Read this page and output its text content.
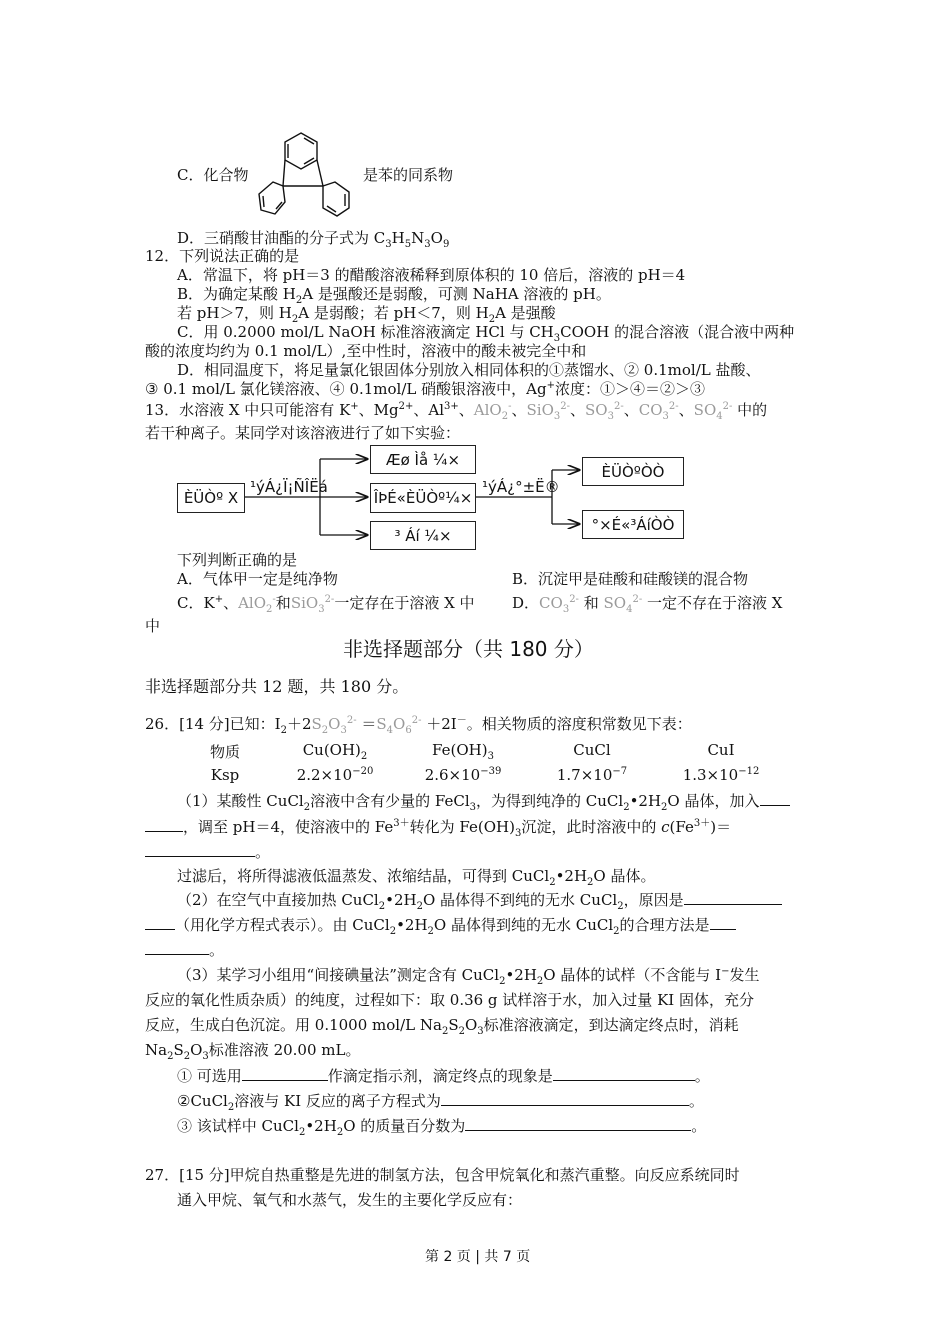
C．化合物	是苯的同系物
D．三硝酸甘油酯的分子式为 $C_3H_5N_3O_9$
12．下列说法正确的是
A．常温下，将 pH＝3 的醋酸溶液稀释到原体积的 10 倍后，溶液的 pH＝4
B．为确定某酸 $H_2A$ 是强酸还是弱酸，可测 NaHA 溶液的 pH。
若 pH＞7，则 $H_2A$ 是弱酸；若 pH＜7，则 $H_2A$ 是强酸
C．用 0.2000 mol/L NaOH 标准溶液滴定 HCl 与 $CH_3COOH$ 的混合溶液（混合液中两种
酸的浓度均约为 0.1 mol/L）,至中性时，溶液中的酸未被完全中和
D．相同温度下，将足量氯化银固体分别放入相同体积的①蒸馏水、② 0.1mol/L 盐酸、
③ 0.1 mol/L 氯化镁溶液、④ 0.1mol/L 硝酸银溶液中，Ag+浓度：①＞④＝②＞③
13．水溶液 X 中只可能溶有 K+、$Mg^{2+}$、$Al^{3+}$、AlO$_2$-、SiO$_3^{2-}$、$SO_3^{2-}$、$CO_3^{2-}$、$SO_4^{2-}$ 中的
若干种离子。某同学对该溶液进行了如下实验：
ÈÜÒº X
¹ýÁ¿Ï¡ÑÎËá
Æø Ìå ¼×
ÎÞÉ«ÈÜÒº¼×
³ Áí ¼×
¹ýÁ¿°±Ë®
ÈÜÒºÒÒ
°×É«³ÁíÒÒ
下列判断正确的是
A．气体甲一定是纯净物	B．沉淀甲是硅酸和硅酸镁的混合物
C．K+、AlO$_2$-和SiO$_3^{2-}$一定存在于溶液 X 中 D．$CO_3^{2-}$ 和 $SO_4^{2-}$ 一定不存在于溶液 X
中
非选择题部分（共 180 分）
非选择题部分共 12 题，共 180 分。
26．[14 分]已知：$I_2+2S_2O_3^{2-} =S_4O_6^{2-} +2I^-$。相关物质的溶度积常数见下表：
物质	$Cu(OH)_2$	$Fe(OH)_3$	CuCl	CuI
Ksp	$2.2\times 10^{-20}$	$2.6\times 10^{-39}$	$1.7\times 10^{-7}$	$1.3\times 10^{-12}$
（1）某酸性 CuCl$_2$溶液中含有少量的 FeCl$_3$，为得到纯净的 $CuCl_2•2H_2O$ 晶体，加入
，调至 pH＝4，使溶液中的 $Fe^{3+}$转化为 $Fe(OH)_3$沉淀，此时溶液中的 $c(Fe^{3+})=$
。
过滤后，将所得滤液低温蒸发、浓缩结晶，可得到 $CuCl_2•2H_2O$ 晶体。
（2）在空气中直接加热 $CuCl_2•2H_2O$ 晶体得不到纯的无水 CuCl$_2$，原因是
（用化学方程式表示）。由 $CuCl_2•2H_2O$ 晶体得到纯的无水 CuCl$_2$的合理方法是
。
（3）某学习小组用“间接碘量法”测定含有 $CuCl_2•2H_2O$ 晶体的试样（不含能与 I−发生
反应的氧化性质杂质）的纯度，过程如下：取 0.36 g 试样溶于水，加入过量 KI 固体，充分
反应，生成白色沉淀。用 0.1000 mol/L $Na_2S_2O_3$标准溶液滴定，到达滴定终点时，消耗
$Na_2S_2O_3$标准溶液 20.00 mL。
① 可选用	作滴定指示剂，滴定终点的现象是	。
②CuCl$_2$溶液与 KI 反应的离子方程式为	。
③ 该试样中 $CuCl_2•2H_2O$ 的质量百分数为	。
27．[15 分]甲烷自热重整是先进的制氢方法，包含甲烷氧化和蒸汽重整。向反应系统同时
通入甲烷、氧气和水蒸气，发生的主要化学反应有：
第 2 页 | 共 7 页
